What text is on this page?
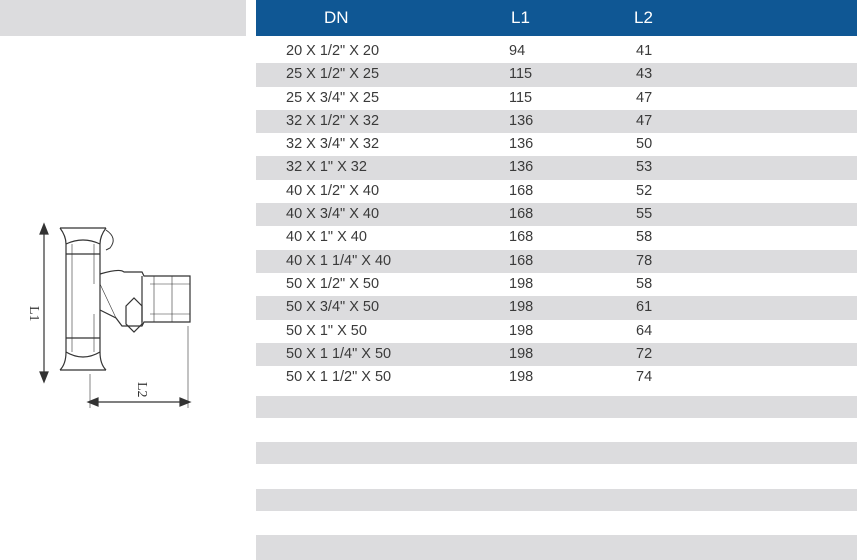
L1
L2
DN	L1	L2
20 X 1/2" X 20	94	41
25 X 1/2" X 25	115	43
25 X 3/4" X 25	115	47
32 X 1/2" X 32	136	47
32 X 3/4" X 32	136	50
32 X 1" X 32	136	53
40 X 1/2" X 40	168	52
40 X 3/4" X 40	168	55
40 X 1" X 40	168	58
40 X 1 1/4" X 40	168	78
50 X 1/2" X 50	198	58
50 X 3/4" X 50	198	61
50 X 1" X 50	198	64
50 X 1 1/4" X 50	198	72
50 X 1 1/2" X 50	198	74
